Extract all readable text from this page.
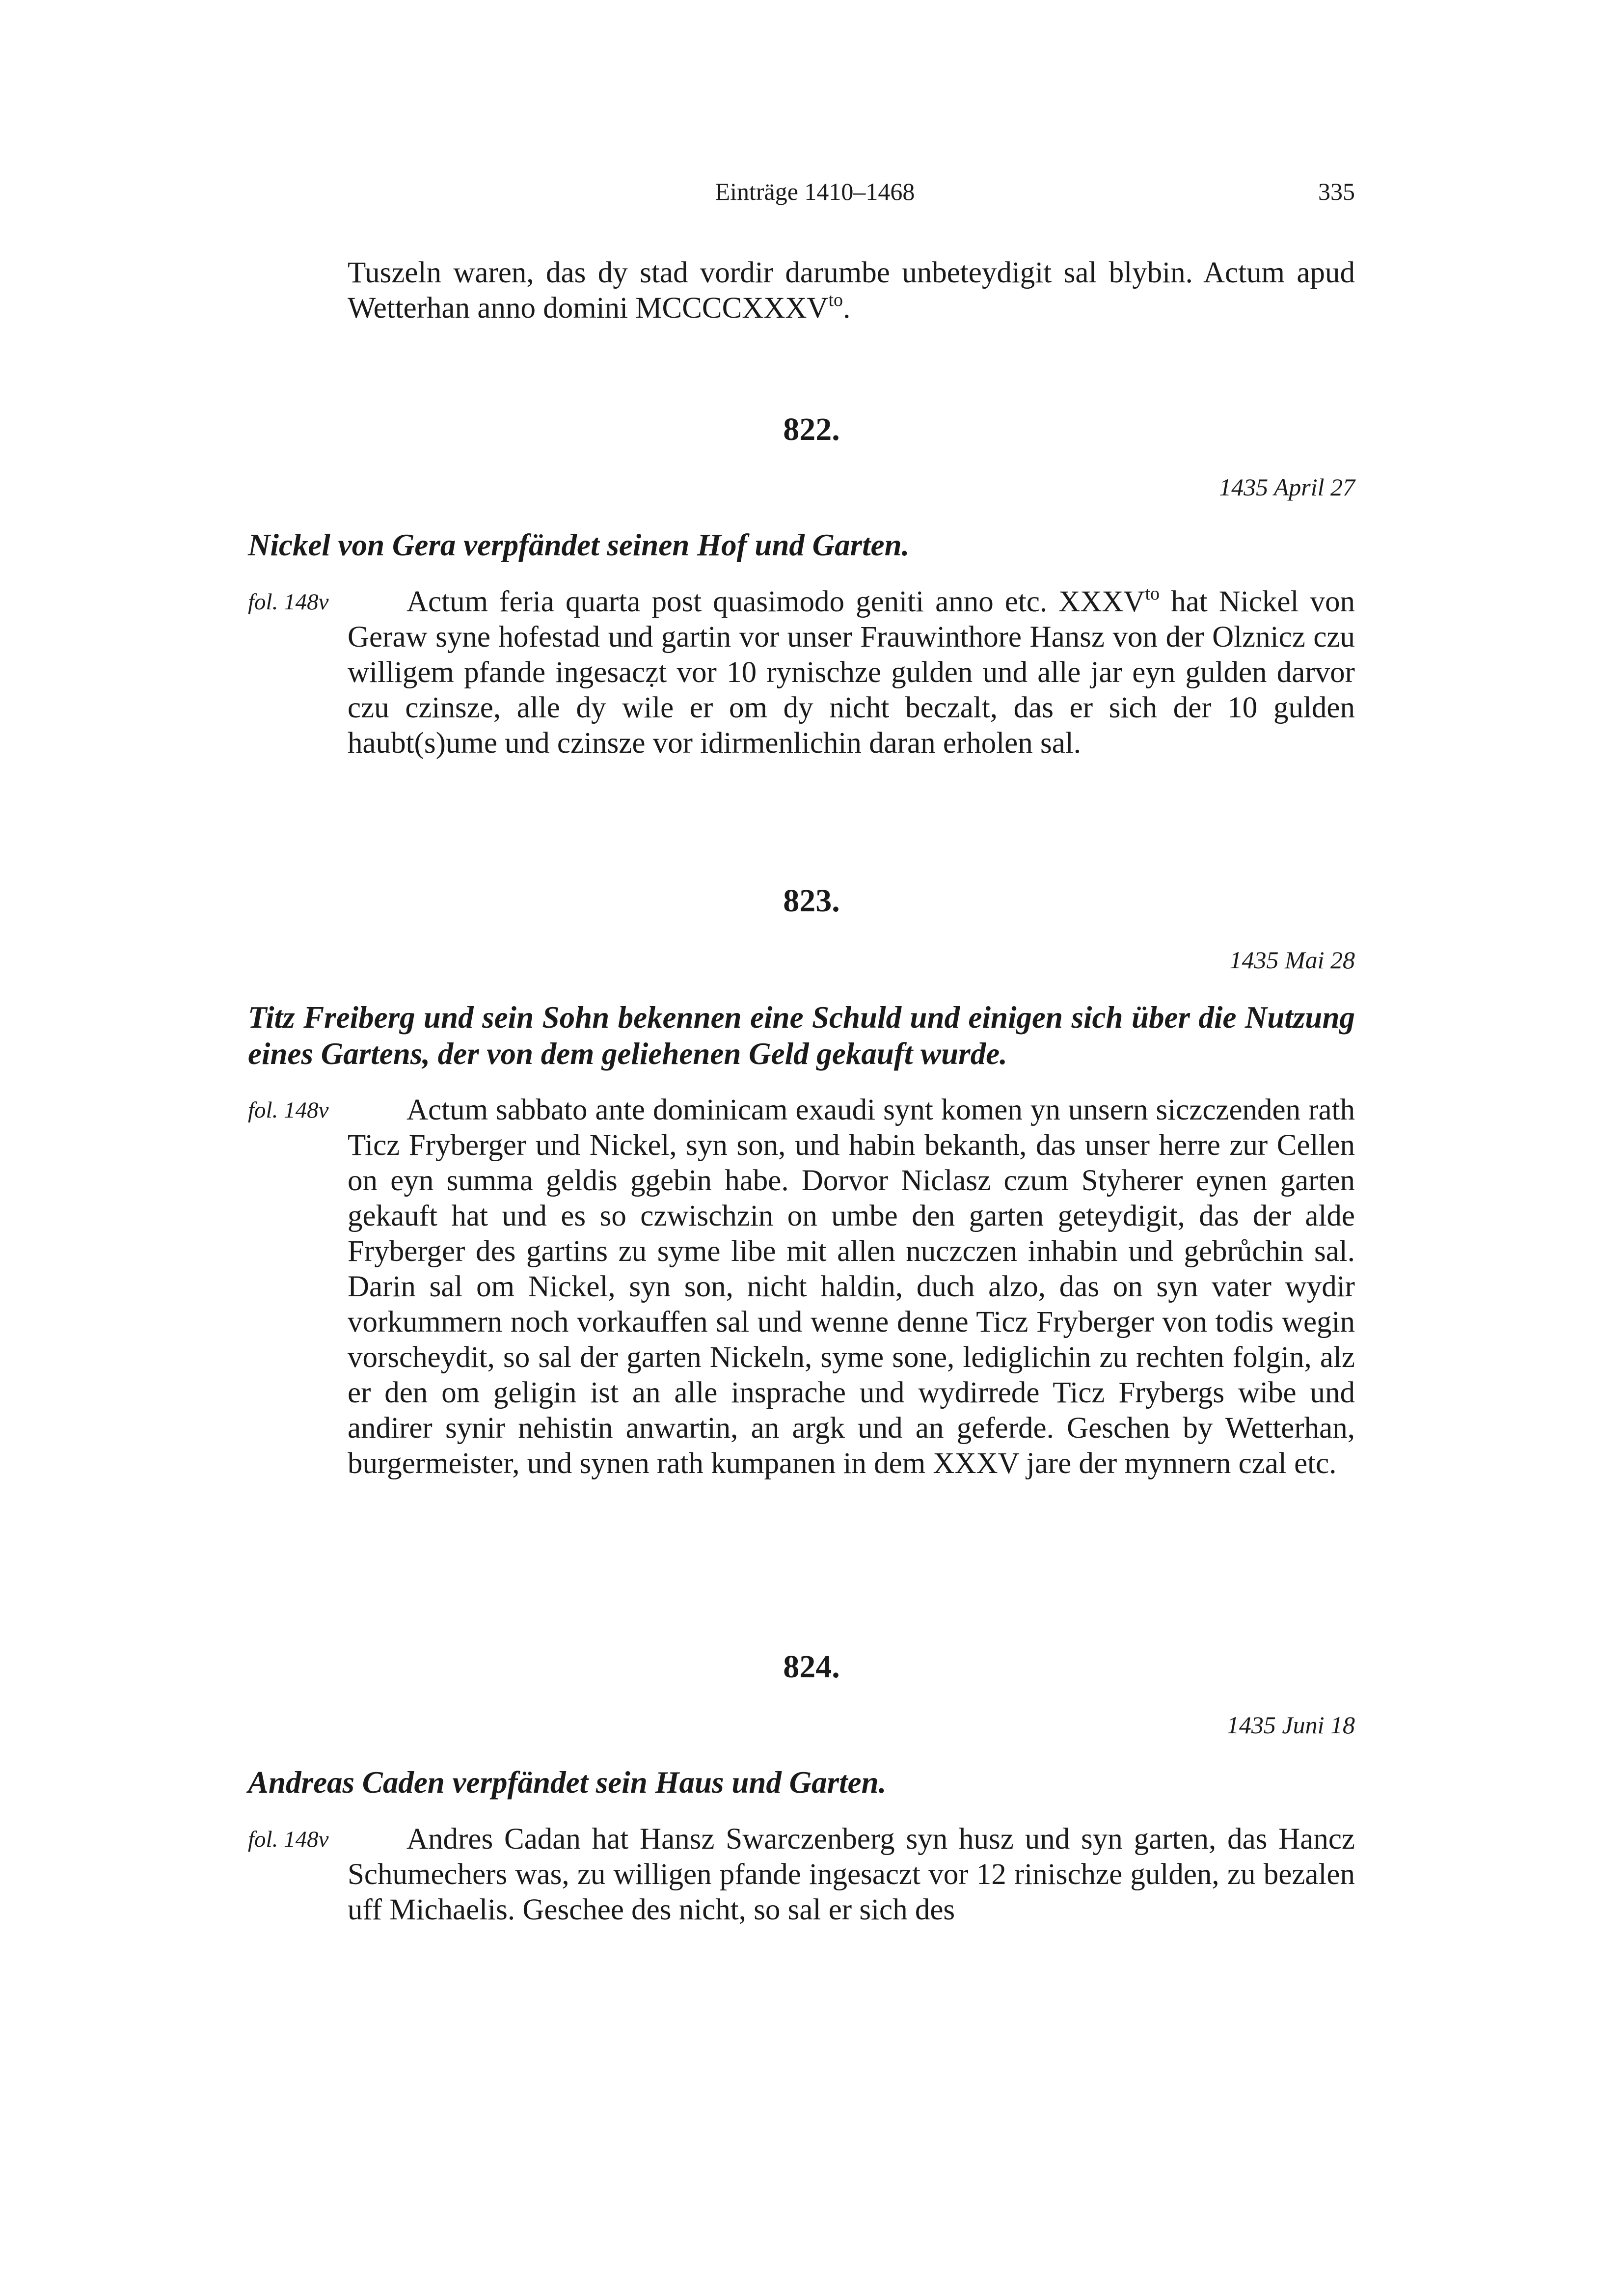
Einträge 1410–1468	335
Tuszeln waren, das dy stad vordir darumbe unbeteydigit sal blybin. Actum apud Wetterhan anno domini $MCCCCXXXV^{to}$.
822.
1435 April 27
Nickel von Gera verpfändet seinen Hof und Garten.
fol. 148v	Actum feria quarta post quasimodo geniti anno etc. $XXXV^{to}$ hat Nickel von Geraw syne hofestad und gartin vor unser Frauwinthore Hansz von der Olznicz czu willigem pfande ingesacẓt vor 10 rynischze gulden und alle jar eyn gulden darvor czu czinsze, alle dy wile er om dy nicht beczalt, das er sich der 10 gulden haubt(s)ume und czinsze vor idirmenlichin daran erholen sal.
823.
1435 Mai 28
Titz Freiberg und sein Sohn bekennen eine Schuld und einigen sich über die Nutzung eines Gartens, der von dem geliehenen Geld gekauft wurde.
fol. 148v	Actum sabbato ante dominicam exaudi synt komen yn unsern siczczenden rath Ticz Fryberger und Nickel, syn son, und habin bekanth, das unser herre zur Cellen on eyn summa geldis ggebin habe. Dorvor Niclasz czum Styherer eynen garten gekauft hat und es so czwischzin on umbe den garten geteydigit, das der alde Fryberger des gartins zu syme libe mit allen nuczczen inhabin und gebrůchin sal. Darin sal om Nickel, syn son, nicht haldin, duch alzo, das on syn vater wydir vorkummern noch vorkauffen sal und wenne denne Ticz Fryberger von todis wegin vorscheydit, so sal der garten Nickeln, syme sone, lediglichin zu rechten folgin, alz er den om geligin ist an alle insprache und wydirrede Ticz Frybergs wibe und andirer synir nehistin anwartin, an argk und an geferde. Geschen by Wetterhan, burgermeister, und synen rath kumpanen in dem XXXV jare der mynnern czal etc.
824.
1435 Juni 18
Andreas Caden verpfändet sein Haus und Garten.
fol. 148v	Andres Cadan hat Hansz Swarczenberg syn husz und syn garten, das Hancz Schumechers was, zu willigen pfande ingesaczt vor 12 rinischze gulden, zu bezalen uff Michaelis. Geschee des nicht, so sal er sich des
